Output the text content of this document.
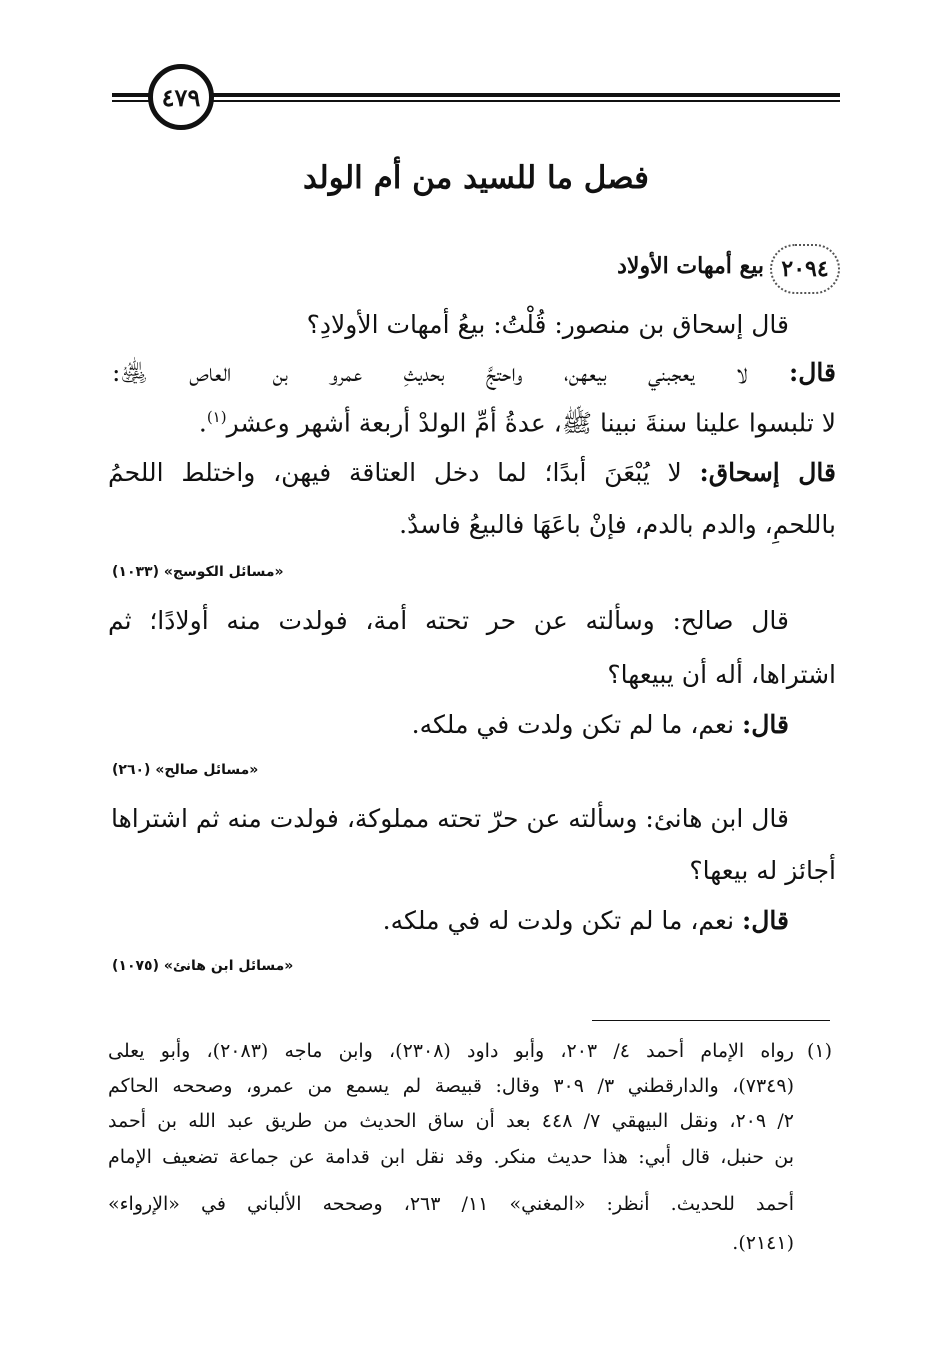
٤٧٩
فصل ما للسيد من أم الولد
٢٠٩٤
بيع أمهات الأولاد
قال إسحاق بن منصور: قُلْتُ: بيعُ أمهات الأولادِ؟
قال: لا يعجبني بيعهن، واحتجَّ بحديثِ عمرو بن العاص ﵁:
لا تلبسوا علينا سنةَ نبينا ﷺ، عدةُ أمِّ الولدْ أربعة أشهر وعشر$^{(١)}$.
قال إسحاق: لا يُبْعَنَ أبدًا؛ لما دخل العتاقة فيهن، واختلط اللحمُ
باللحمِ، والدم بالدم، فإنْ باعَهَا فالبيعُ فاسدٌ.
«مسائل الكوسج» (١٠٣٣)
قال صالح: وسألته عن حر تحته أمة، فولدت منه أولادًا؛ ثم
اشتراها، أله أن يبيعها؟
قال: نعم، ما لم تكن ولدت في ملكه.
«مسائل صالح» (٢٦٠)
قال ابن هانئ: وسألته عن حرّ تحته مملوكة، فولدت منه ثم اشتراها
أجائز له بيعها؟
قال: نعم، ما لم تكن ولدت له في ملكه.
«مسائل ابن هانئ» (١٠٧٥)
(١)
رواه الإمام أحمد ٤/ ٢٠٣، وأبو داود (٢٣٠٨)، وابن ماجه (٢٠٨٣)، وأبو يعلى
(٧٣٤٩)، والدارقطني ٣/ ٣٠٩ وقال: قبيصة لم يسمع من عمرو، وصححه الحاكم
٢/ ٢٠٩، ونقل البيهقي ٧/ ٤٤٨ بعد أن ساق الحديث من طريق عبد الله بن أحمد
بن حنبل، قال أبي: هذا حديث منكر. وقد نقل ابن قدامة عن جماعة تضعيف الإمام
أحمد للحديث. أنظر: «المغني» ١١/ ٢٦٣، وصححه الألباني في «الإرواء»
(٢١٤١).
